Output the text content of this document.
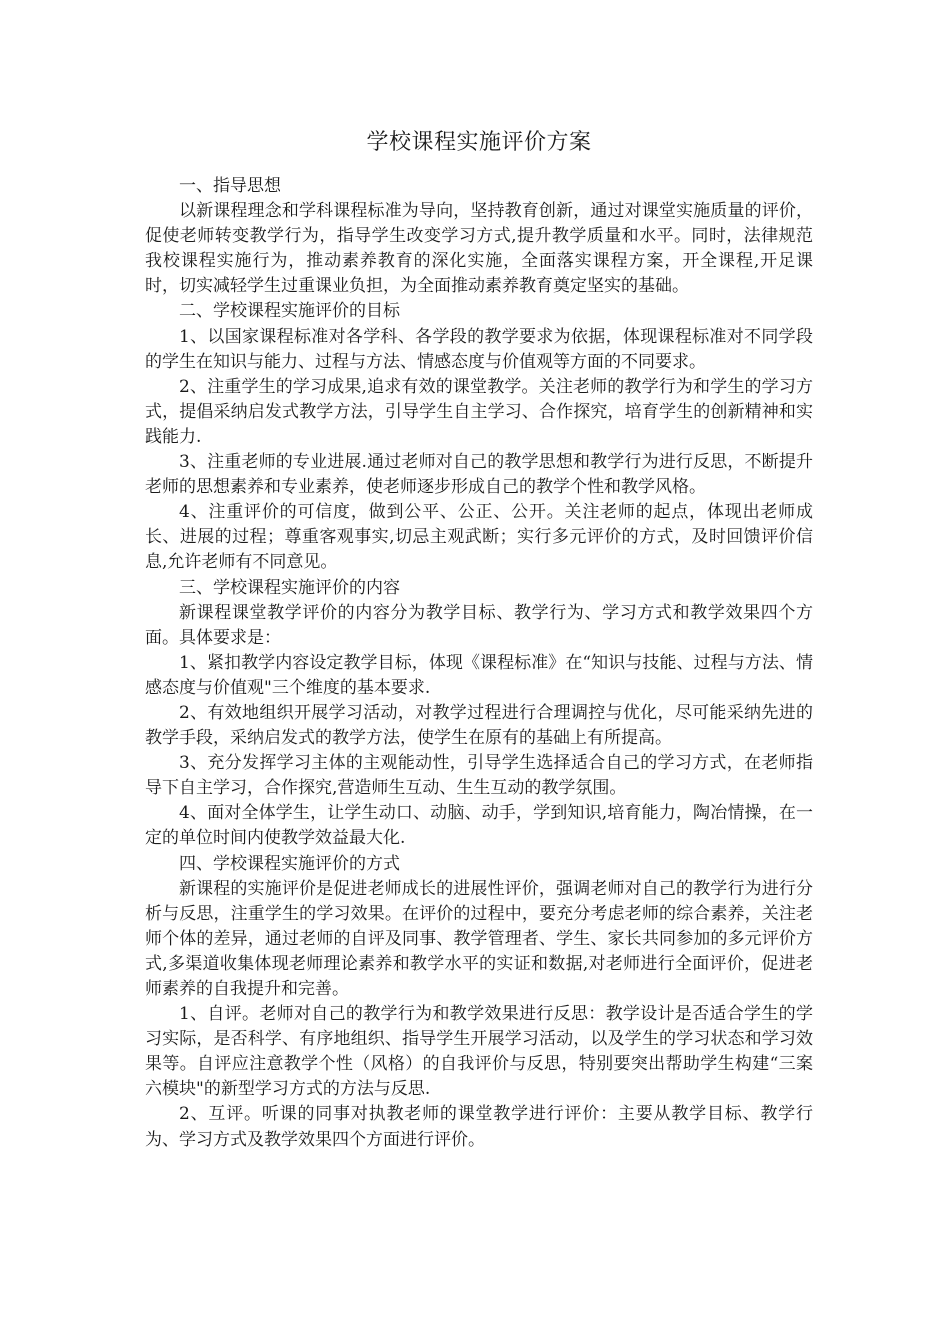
学校课程实施评价方案

一、指导思想

以新课程理念和学科课程标准为导向，坚持教育创新，通过对课堂实施质量的评价，促使老师转变教学行为，指导学生改变学习方式,提升教学质量和水平。同时，法律规范我校课程实施行为，推动素养教育的深化实施，全面落实课程方案，开全课程,开足课时，切实减轻学生过重课业负担，为全面推动素养教育奠定坚实的基础。

二、学校课程实施评价的目标

1、以国家课程标准对各学科、各学段的教学要求为依据，体现课程标准对不同学段的学生在知识与能力、过程与方法、情感态度与价值观等方面的不同要求。

2、注重学生的学习成果,追求有效的课堂教学。关注老师的教学行为和学生的学习方式，提倡采纳启发式教学方法，引导学生自主学习、合作探究，培育学生的创新精神和实践能力.

3、注重老师的专业进展.通过老师对自己的教学思想和教学行为进行反思，不断提升老师的思想素养和专业素养，使老师逐步形成自己的教学个性和教学风格。

4、注重评价的可信度，做到公平、公正、公开。关注老师的起点，体现出老师成长、进展的过程；尊重客观事实,切忌主观武断；实行多元评价的方式，及时回馈评价信息,允许老师有不同意见。

三、学校课程实施评价的内容

新课程课堂教学评价的内容分为教学目标、教学行为、学习方式和教学效果四个方面。具体要求是：

1、紧扣教学内容设定教学目标，体现《课程标准》在“知识与技能、过程与方法、情感态度与价值观"三个维度的基本要求.

2、有效地组织开展学习活动，对教学过程进行合理调控与优化，尽可能采纳先进的教学手段，采纳启发式的教学方法，使学生在原有的基础上有所提高。

3、充分发挥学习主体的主观能动性，引导学生选择适合自己的学习方式，在老师指导下自主学习，合作探究,营造师生互动、生生互动的教学氛围。

4、面对全体学生，让学生动口、动脑、动手，学到知识,培育能力，陶冶情操，在一定的单位时间内使教学效益最大化.

四、学校课程实施评价的方式

新课程的实施评价是促进老师成长的进展性评价，强调老师对自己的教学行为进行分析与反思，注重学生的学习效果。在评价的过程中，要充分考虑老师的综合素养，关注老师个体的差异，通过老师的自评及同事、教学管理者、学生、家长共同参加的多元评价方式,多渠道收集体现老师理论素养和教学水平的实证和数据,对老师进行全面评价，促进老师素养的自我提升和完善。

1、自评。老师对自己的教学行为和教学效果进行反思：教学设计是否适合学生的学习实际，是否科学、有序地组织、指导学生开展学习活动，以及学生的学习状态和学习效果等。自评应注意教学个性（风格）的自我评价与反思，特别要突出帮助学生构建“三案六模块"的新型学习方式的方法与反思.

2、互评。听课的同事对执教老师的课堂教学进行评价：主要从教学目标、教学行为、学习方式及教学效果四个方面进行评价。
